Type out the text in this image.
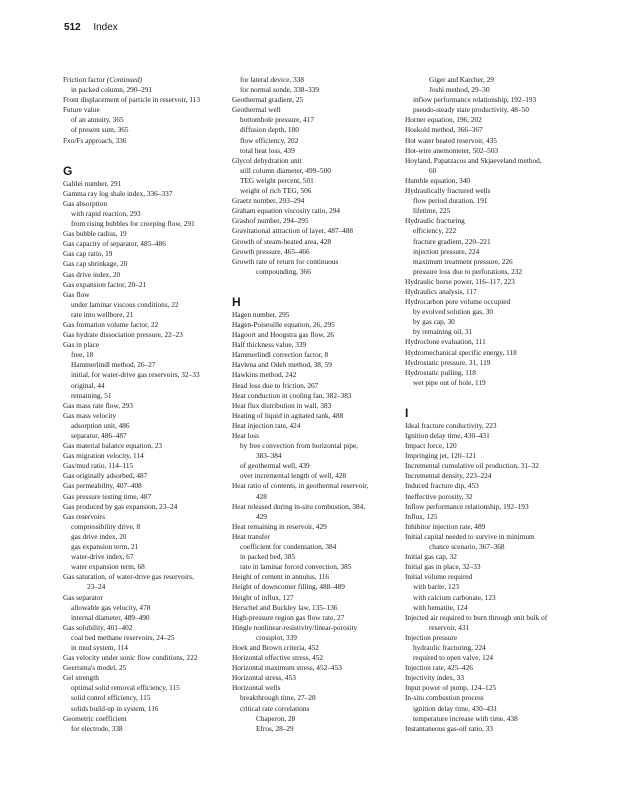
512 Index
Friction factor (Continued)
in packed column, 290–291
Front displacement of particle in reservoir, 113
Future value
of an annuity, 365
of present sum, 365
Fxo/Fs approach, 336
G
Galilei number, 291
Gamma ray log shale index, 336–337
Gas absorption
with rapid reaction, 293
from rising bubbles for creeping flow, 291
Gas bubble radius, 19
Gas capacity of separator, 485–486
Gas cap ratio, 19
Gas cap shrinkage, 20
Gas drive index, 20
Gas expansion factor, 20–21
Gas flow
under laminar viscous conditions, 22
rate into wellbore, 21
Gas formation volume factor, 22
Gas hydrate dissociation pressure, 22–23
Gas in place
free, 18
Hammerlindl method, 26–27
initial, for water-drive gas reservoirs, 32–33
original, 44
remaining, 51
Gas mass rate flow, 293
Gas mass velocity
adsorption unit, 486
separator, 486–487
Gas material balance equation, 23
Gas migration velocity, 114
Gas/mud ratio, 114–115
Gas originally adsorbed, 487
Gas permeability, 407–408
Gas pressure testing time, 487
Gas produced by gas expansion, 23–24
Gas reservoirs
compressibility drive, 8
gas drive index, 20
gas expansion term, 21
water-drive index, 67
water expansion term, 68
Gas saturation, of water-drive gas reservoirs,
23–24
Gas separator
allowable gas velocity, 478
internal diameter, 489–490
Gas solubility, 401–402
coal bed methane reservoirs, 24–25
in mud system, 114
Gas velocity under sonic flow conditions, 222
Geertsma's model, 25
Gel strength
optimal solid removal efficiency, 115
solid conrol efficiency, 115
solids build-up in system, 116
Geometric coefficient
for electrode, 338
for lateral device, 338
for normal sonde, 338–339
Geothermal gradient, 25
Geothermal well
bottomhole pressure, 417
diffusion depth, 180
flow efficiency, 202
total heat loss, 439
Glycol dehydration unit
still column diameter, 499–500
TEG weight percent, 501
weight of rich TEG, 506
Graetz number, 293–294
Graham equation viscosity ratio, 294
Grashof number, 294–295
Gravitational attraction of layer, 487–488
Growth of steam-heated area, 428
Growth pressure, 465–466
Growth rate of return for continuous
compounding, 366
H
Hagen number, 295
Hagen-Poiseuille equation, 26, 295
Hagoort and Hoogstra gas flow, 26
Half thickness value, 339
Hammerlindl correction factor, 8
Havlena and Odeh method, 38, 59
Hawkins method, 242
Head loss due to friction, 267
Heat conduction in cooling fan, 382–383
Heat flux distribution in wall, 383
Heating of liquid in agitated tank, 488
Heat injection rate, 424
Heat loss
by free convection from horizontal pipe,
383–384
of geothermal well, 439
over incremental length of well, 428
Heat ratio of contents, in geothermal reservoir,
428
Heat released during in-situ combustion, 384,
429
Heat remaining in reservoir, 429
Heat transfer
coefficient for condensation, 384
in packed bed, 385
rate in laminar forced convection, 385
Height of cement in annulus, 116
Height of downcomer filling, 488–489
Height of influx, 127
Herschel and Buckley law, 135–136
High-pressure region gas flow rate, 27
Hingle nonlinear-resistivity/linear-porosity
crossplot, 339
Hoek and Brown criteria, 452
Horizontal effective stress, 452
Horizontal maximum stress, 452–453
Horizontal stress, 453
Horizontal wells
breakthrough time, 27–28
critical rate correlations
Chaperon, 28
Efros, 28–29
Giger and Karcher, 29
Joshi method, 29–30
inflow performance relationship, 192–193
pseudo-steady state productivity, 48–50
Horner equation, 196, 202
Hoskold method, 366–367
Hot water heated reservoir, 435
Hot-wire anemometer, 502–503
Hoyland, Papatzacos and Skjaeveland method,
60
Humble equation, 340
Hydraulically fractured wells
flow period duration, 191
lifetime, 225
Hydraulic fracturing
efficiency, 222
fracture gradient, 220–221
injection pressure, 224
maximum treatment pressure, 226
pressure loss due to perforations, 232
Hydraulic horse power, 116–117, 223
Hydraulics analysis, 117
Hydrocarbon pore volume occupied
by evolved solution gas, 30
by gas cap, 30
by remaining oil, 31
Hydroclone evaluation, 111
Hydromechanical specific energy, 118
Hydrostatic pressure, 31, 119
Hydrostatic pulling, 118
wet pipe out of hole, 119
I
Ideal fracture conductivity, 223
Ignition delay time, 430–431
Impact force, 120
Impringing jet, 120–121
Incremental cumulative oil production, 31–32
Incremental density, 223–224
Induced fracture dip, 453
Ineffective porosity, 32
Inflow performance relationship, 192–193
Influx, 125
Inhibitor injection rate, 489
Initial capital needed to survive in minimum
chance scenario, 367–368
Initial gas cap, 32
Initial gas in place, 32–33
Initial volume required
with barite, 123
with calcium carbonate, 123
with hematite, 124
Injected air required to burn through unit bulk of
reservoir, 431
Injection pressure
hydraulic fracturing, 224
required to open valve, 124
Injection rate, 425–426
Injectivity index, 33
Input power of pump, 124–125
In-situ combustion process
ignition delay time, 430–431
temperature increase with time, 438
Instantaneous gas-oil ratio, 33
